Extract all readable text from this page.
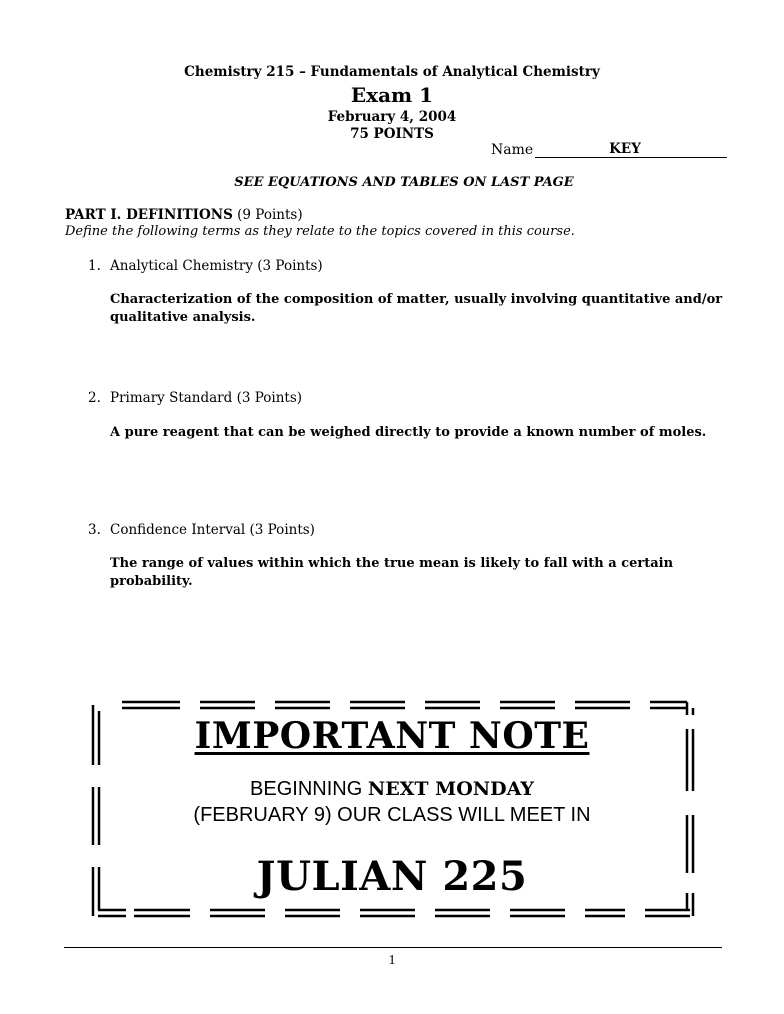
Chemistry 215 – Fundamentals of Analytical Chemistry
Exam 1
February 4, 2004
75 POINTS
Name	KEY
SEE EQUATIONS AND TABLES ON LAST PAGE
PART I. DEFINITIONS (9 Points)
Define the following terms as they relate to the topics covered in this course.
1. Analytical Chemistry (3 Points)
Characterization of the composition of matter, usually involving quantitative and/or qualitative analysis.
2. Primary Standard (3 Points)
A pure reagent that can be weighed directly to provide a known number of moles.
3. Confidence Interval (3 Points)
The range of values within which the true mean is likely to fall with a certain probability.
IMPORTANT NOTE
BEGINNING NEXT MONDAY
(FEBRUARY 9) OUR CLASS WILL MEET IN
JULIAN 225
1
